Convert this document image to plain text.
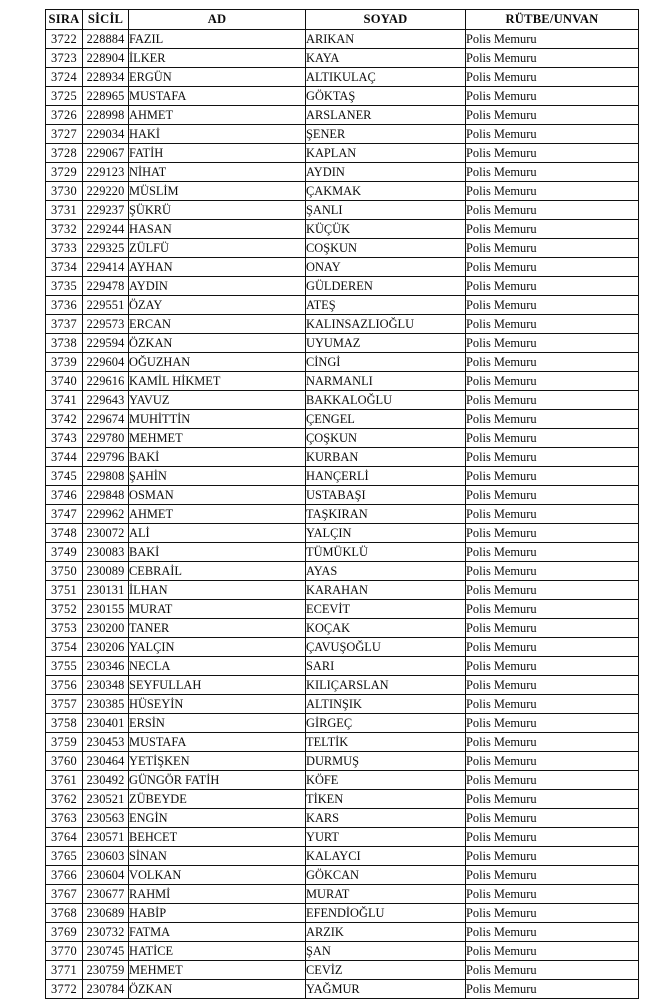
SIRA	SİCİL	AD	SOYAD	RÜTBE/UNVAN
3722	228884	FAZIL	ARIKAN	Polis Memuru
3723	228904	İLKER	KAYA	Polis Memuru
3724	228934	ERGÜN	ALTIKULAÇ	Polis Memuru
3725	228965	MUSTAFA	GÖKTAŞ	Polis Memuru
3726	228998	AHMET	ARSLANER	Polis Memuru
3727	229034	HAKİ	ŞENER	Polis Memuru
3728	229067	FATİH	KAPLAN	Polis Memuru
3729	229123	NİHAT	AYDIN	Polis Memuru
3730	229220	MÜSLİM	ÇAKMAK	Polis Memuru
3731	229237	ŞÜKRÜ	ŞANLI	Polis Memuru
3732	229244	HASAN	KÜÇÜK	Polis Memuru
3733	229325	ZÜLFÜ	COŞKUN	Polis Memuru
3734	229414	AYHAN	ONAY	Polis Memuru
3735	229478	AYDIN	GÜLDEREN	Polis Memuru
3736	229551	ÖZAY	ATEŞ	Polis Memuru
3737	229573	ERCAN	KALINSAZLIOĞLU	Polis Memuru
3738	229594	ÖZKAN	UYUMAZ	Polis Memuru
3739	229604	OĞUZHAN	CİNGİ	Polis Memuru
3740	229616	KAMİL HİKMET	NARMANLI	Polis Memuru
3741	229643	YAVUZ	BAKKALOĞLU	Polis Memuru
3742	229674	MUHİTTİN	ÇENGEL	Polis Memuru
3743	229780	MEHMET	ÇOŞKUN	Polis Memuru
3744	229796	BAKİ	KURBAN	Polis Memuru
3745	229808	ŞAHİN	HANÇERLİ	Polis Memuru
3746	229848	OSMAN	USTABAŞI	Polis Memuru
3747	229962	AHMET	TAŞKIRAN	Polis Memuru
3748	230072	ALİ	YALÇIN	Polis Memuru
3749	230083	BAKİ	TÜMÜKLÜ	Polis Memuru
3750	230089	CEBRAİL	AYAS	Polis Memuru
3751	230131	İLHAN	KARAHAN	Polis Memuru
3752	230155	MURAT	ECEVİT	Polis Memuru
3753	230200	TANER	KOÇAK	Polis Memuru
3754	230206	YALÇIN	ÇAVUŞOĞLU	Polis Memuru
3755	230346	NECLA	SARI	Polis Memuru
3756	230348	SEYFULLAH	KILIÇARSLAN	Polis Memuru
3757	230385	HÜSEYİN	ALTINŞIK	Polis Memuru
3758	230401	ERSİN	GİRGEÇ	Polis Memuru
3759	230453	MUSTAFA	TELTİK	Polis Memuru
3760	230464	YETİŞKEN	DURMUŞ	Polis Memuru
3761	230492	GÜNGÖR FATİH	KÖFE	Polis Memuru
3762	230521	ZÜBEYDE	TİKEN	Polis Memuru
3763	230563	ENGİN	KARS	Polis Memuru
3764	230571	BEHCET	YURT	Polis Memuru
3765	230603	SİNAN	KALAYCI	Polis Memuru
3766	230604	VOLKAN	GÖKCAN	Polis Memuru
3767	230677	RAHMİ	MURAT	Polis Memuru
3768	230689	HABİP	EFENDİOĞLU	Polis Memuru
3769	230732	FATMA	ARZIK	Polis Memuru
3770	230745	HATİCE	ŞAN	Polis Memuru
3771	230759	MEHMET	CEVİZ	Polis Memuru
3772	230784	ÖZKAN	YAĞMUR	Polis Memuru
